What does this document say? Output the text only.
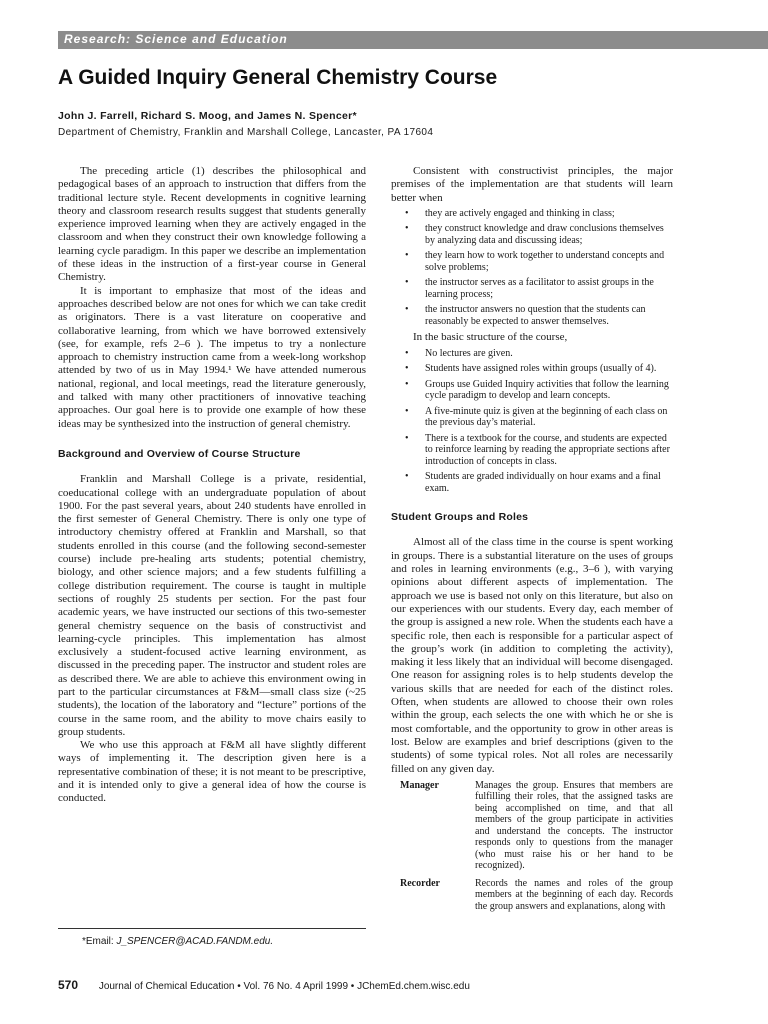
Research: Science and Education
A Guided Inquiry General Chemistry Course
John J. Farrell, Richard S. Moog, and James N. Spencer*
Department of Chemistry, Franklin and Marshall College, Lancaster, PA 17604

The preceding article (1) describes the philosophical and pedagogical bases of an approach to instruction that differs from the traditional lecture style. Recent developments in cognitive learning theory and classroom research results suggest that students generally experience improved learning when they are actively engaged in the classroom and when they construct their own knowledge following a learning cycle paradigm. In this paper we describe an implementation of these ideas in the instruction of a first-year course in General Chemistry.

It is important to emphasize that most of the ideas and approaches described below are not ones for which we can take credit as originators. There is a vast literature on cooperative and collaborative learning, from which we have borrowed extensively (see, for example, refs 2–6 ). The impetus to try a nonlecture approach to chemistry instruction came from a week-long workshop attended by two of us in May 1994.¹ We have attended numerous national, regional, and local meetings, read the literature generously, and talked with many other practitioners of innovative teaching approaches. Our goal here is to provide one example of how these ideas may be synthesized into the instruction of general chemistry.

Background and Overview of Course Structure

Franklin and Marshall College is a private, residential, coeducational college with an undergraduate population of about 1900. For the past several years, about 240 students have enrolled in the first semester of General Chemistry. There is only one type of introductory chemistry offered at Franklin and Marshall, so that students enrolled in this course (and the following second-semester course) include pre-healing arts students; potential chemistry, biology, and other science majors; and a few students fulfilling a college distribution requirement. The course is taught in multiple sections of roughly 25 students per section. For the past four academic years, we have instructed our sections of this two-semester general chemistry sequence on the basis of constructivist and learning-cycle principles. This implementation has almost exclusively a student-focused active learning environment, as discussed in the preceding paper. The instructor and student roles are as described there. We are able to achieve this environment owing in part to the particular circumstances at F&M—small class size (~25 students), the location of the laboratory and “lecture” portions of the course in the same room, and the ability to move chairs easily to group students.

We who use this approach at F&M all have slightly different ways of implementing it. The description given here is a representative combination of these; it is not meant to be prescriptive, and it is intended only to give a general idea of how the course is conducted.

*Email: J_SPENCER@ACAD.FANDM.edu.

Consistent with constructivist principles, the major premises of the implementation are that students will learn better when

• they are actively engaged and thinking in class;
• they construct knowledge and draw conclusions themselves by analyzing data and discussing ideas;
• they learn how to work together to understand concepts and solve problems;
• the instructor serves as a facilitator to assist groups in the learning process;
• the instructor answers no question that the students can reasonably be expected to answer themselves.

In the basic structure of the course,

• No lectures are given.
• Students have assigned roles within groups (usually of 4).
• Groups use Guided Inquiry activities that follow the learning cycle paradigm to develop and learn concepts.
• A five-minute quiz is given at the beginning of each class on the previous day’s material.
• There is a textbook for the course, and students are expected to reinforce learning by reading the appropriate sections after introduction of concepts in class.
• Students are graded individually on hour exams and a final exam.
Student Groups and Roles

Almost all of the class time in the course is spent working in groups. There is a substantial literature on the uses of groups and roles in learning environments (e.g., 3–6 ), with varying opinions about different aspects of implementation. The approach we use is based not only on this literature, but also on our experiences with our students. Every day, each member of the group is assigned a new role. When the students each have a specific role, then each is responsible for a particular aspect of the group’s work (in addition to completing the activity), making it less likely that an individual will become disengaged. One reason for assigning roles is to help students develop the various skills that are needed for each of the distinct roles. Often, when students are allowed to choose their own roles within the group, each selects the one with which he or she is most comfortable, and the opportunity to grow in other areas is lost. Below are examples and brief descriptions (given to the students) of some typical roles. Not all roles are necessarily filled on any given day.

Manager	Manages the group. Ensures that members are fulfilling their roles, that the assigned tasks are being accomplished on time, and that all members of the group participate in activities and understand the concepts. The instructor responds only to questions from the manager (who must raise his or her hand to be recognized).
Recorder	Records the names and roles of the group members at the beginning of each day. Records the group answers and explanations, along with
570 Journal of Chemical Education • Vol. 76 No. 4 April 1999 • JChemEd.chem.wisc.edu
